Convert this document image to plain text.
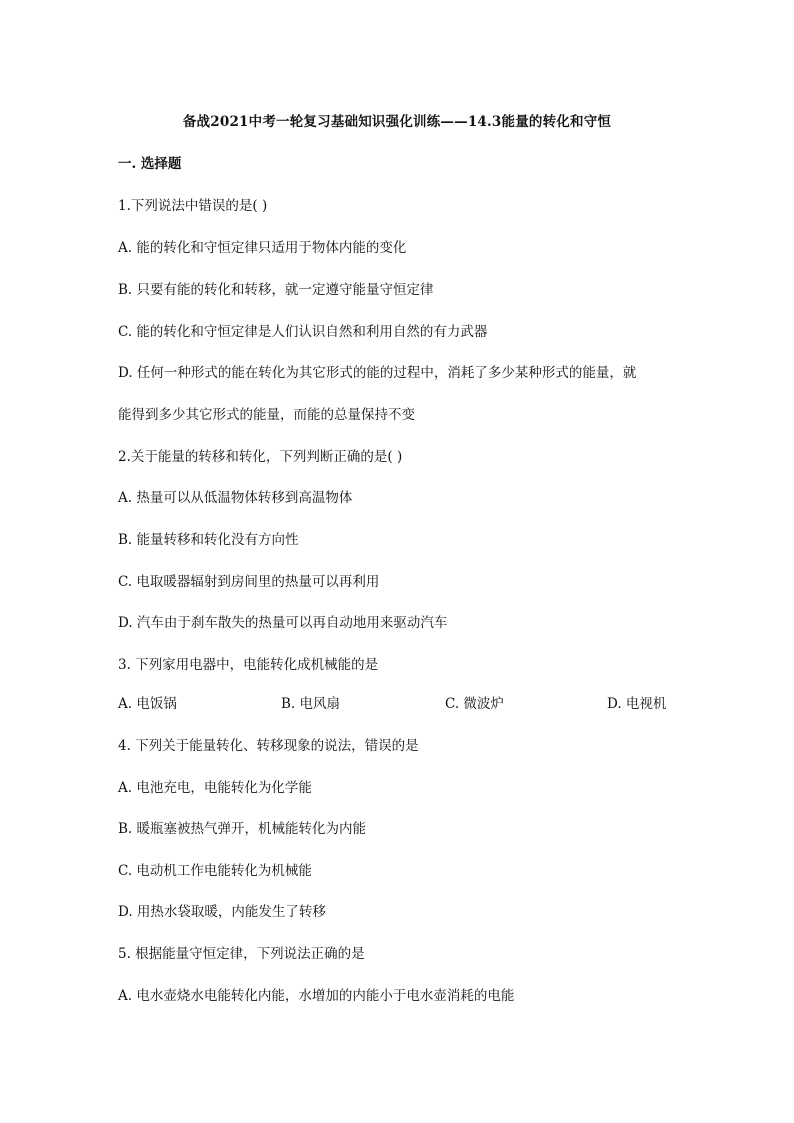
备战2021中考一轮复习基础知识强化训练——14.3能量的转化和守恒
一. 选择题
1.下列说法中错误的是( )
A. 能的转化和守恒定律只适用于物体内能的变化
B. 只要有能的转化和转移，就一定遵守能量守恒定律
C. 能的转化和守恒定律是人们认识自然和利用自然的有力武器
D. 任何一种形式的能在转化为其它形式的能的过程中，消耗了多少某种形式的能量，就
能得到多少其它形式的能量，而能的总量保持不变
2.关于能量的转移和转化，下列判断正确的是( )
A. 热量可以从低温物体转移到高温物体
B. 能量转移和转化没有方向性
C. 电取暖器辐射到房间里的热量可以再利用
D. 汽车由于刹车散失的热量可以再自动地用来驱动汽车
3. 下列家用电器中，电能转化成机械能的是
A. 电饭锅	B. 电风扇	C. 微波炉	D. 电视机
4. 下列关于能量转化、转移现象的说法，错误的是
A. 电池充电，电能转化为化学能
B. 暖瓶塞被热气弹开，机械能转化为内能
C. 电动机工作电能转化为机械能
D. 用热水袋取暖，内能发生了转移
5. 根据能量守恒定律，下列说法正确的是
A. 电水壶烧水电能转化内能，水增加的内能小于电水壶消耗的电能
